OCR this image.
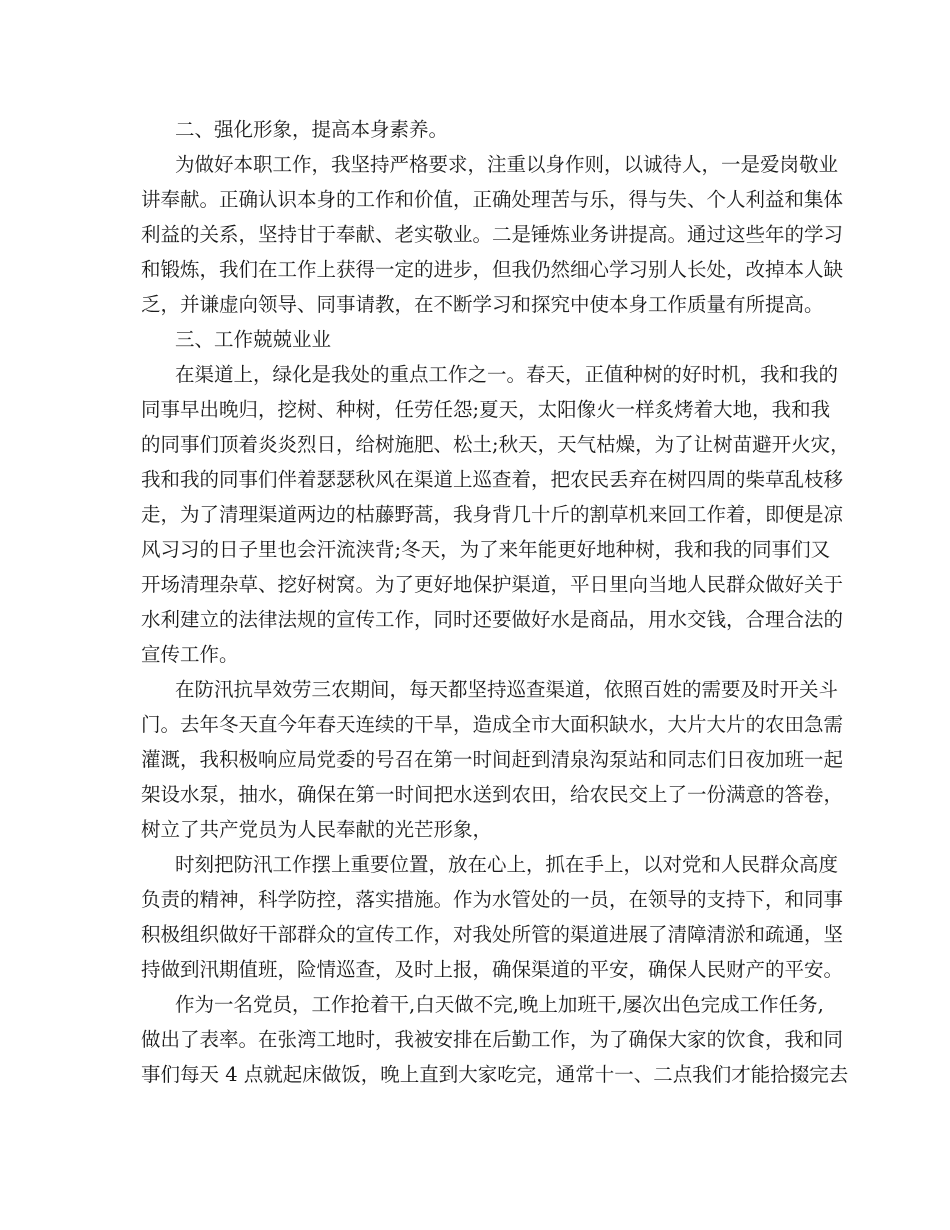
二、强化形象，提高本身素养。
为做好本职工作，我坚持严格要求，注重以身作则，以诚待人，一是爱岗敬业
讲奉献。正确认识本身的工作和价值，正确处理苦与乐，得与失、个人利益和集体
利益的关系，坚持甘于奉献、老实敬业。二是锤炼业务讲提高。通过这些年的学习
和锻炼，我们在工作上获得一定的进步，但我仍然细心学习别人长处，改掉本人缺
乏，并谦虚向领导、同事请教，在不断学习和探究中使本身工作质量有所提高。
三、工作兢兢业业
在渠道上，绿化是我处的重点工作之一。春天，正值种树的好时机，我和我的
同事早出晚归，挖树、种树，任劳任怨;夏天，太阳像火一样炙烤着大地，我和我
的同事们顶着炎炎烈日，给树施肥、松土;秋天，天气枯燥，为了让树苗避开火灾，
我和我的同事们伴着瑟瑟秋风在渠道上巡查着，把农民丢弃在树四周的柴草乱枝移
走，为了清理渠道两边的枯藤野蒿，我身背几十斤的割草机来回工作着，即便是凉
风习习的日子里也会汗流浃背;冬天，为了来年能更好地种树，我和我的同事们又
开场清理杂草、挖好树窝。为了更好地保护渠道，平日里向当地人民群众做好关于
水利建立的法律法规的宣传工作，同时还要做好水是商品，用水交钱，合理合法的
宣传工作。
在防汛抗旱效劳三农期间，每天都坚持巡查渠道，依照百姓的需要及时开关斗
门。去年冬天直今年春天连续的干旱，造成全市大面积缺水，大片大片的农田急需
灌溉，我积极响应局党委的号召在第一时间赶到清泉沟泵站和同志们日夜加班一起
架设水泵，抽水，确保在第一时间把水送到农田，给农民交上了一份满意的答卷，
树立了共产党员为人民奉献的光芒形象，
时刻把防汛工作摆上重要位置，放在心上，抓在手上，以对党和人民群众高度
负责的精神，科学防控，落实措施。作为水管处的一员，在领导的支持下，和同事
积极组织做好干部群众的宣传工作，对我处所管的渠道进展了清障清淤和疏通，坚
持做到汛期值班，险情巡查，及时上报，确保渠道的平安，确保人民财产的平安。
作为一名党员，工作抢着干,白天做不完,晚上加班干,屡次出色完成工作任务,
做出了表率。在张湾工地时，我被安排在后勤工作，为了确保大家的饮食，我和同
事们每天 4 点就起床做饭，晚上直到大家吃完，通常十一、二点我们才能拾掇完去
